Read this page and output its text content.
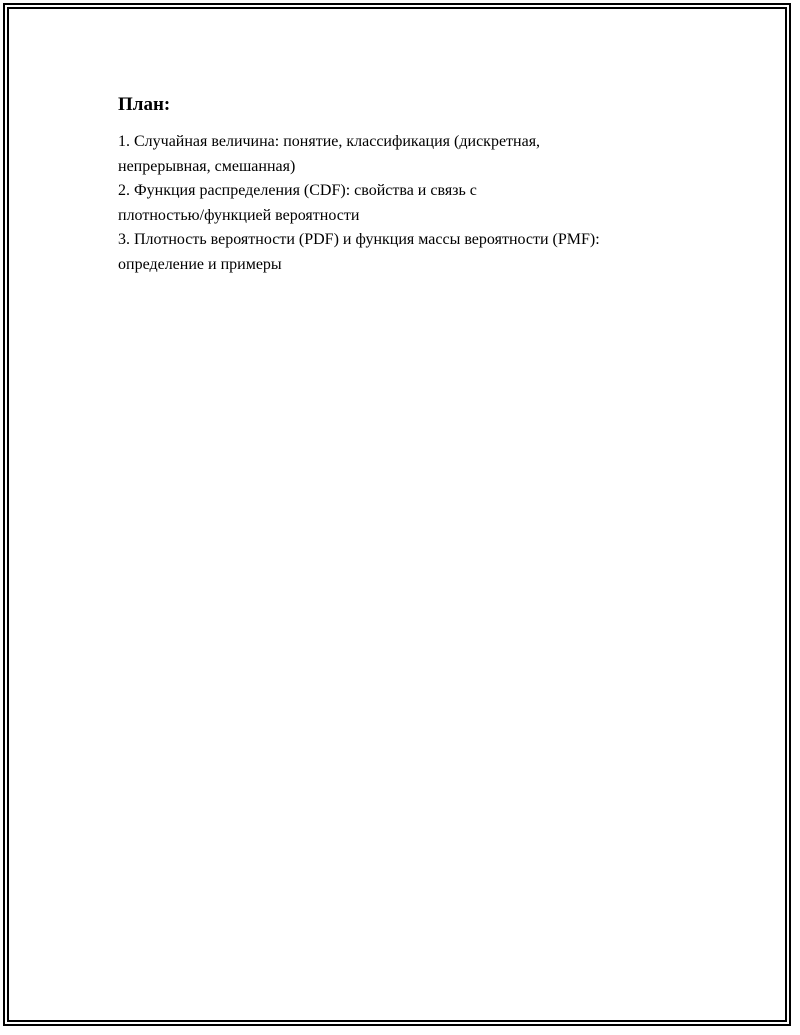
План:
1. Случайная величина: понятие, классификация (дискретная,
непрерывная, смешанная)
2. Функция распределения (CDF): свойства и связь с
плотностью/функцией вероятности
3. Плотность вероятности (PDF) и функция массы вероятности (PMF):
определение и примеры
